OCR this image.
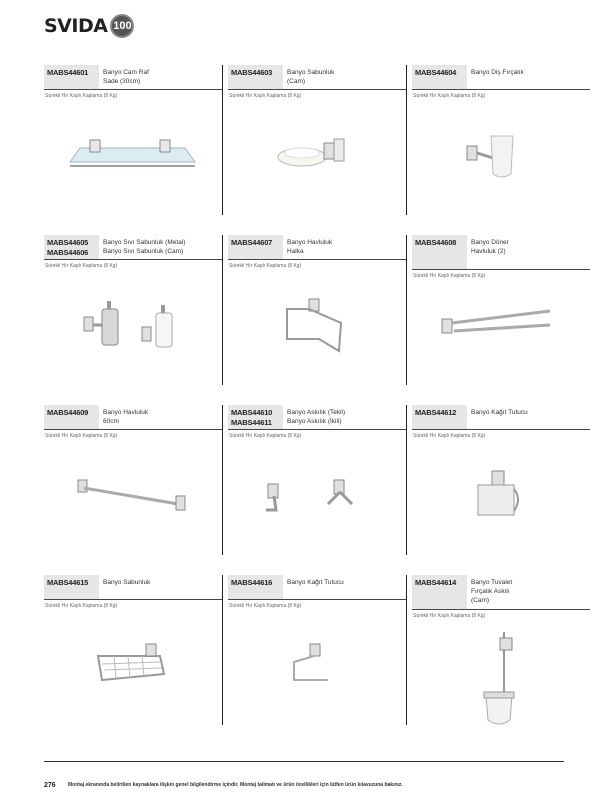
SVIDA 100
MABS44601	Banyo Cam Raf
Sade (30cm)
Sürekli Hır Kaplı Kaplama (8 Kg)
MABS44603	Banyo Sabunluk
(Cam)
Sürekli Hır Kaplı Kaplama (8 Kg)
MABS44604	Banyo Diş Fırçalık
Sürekli Hır Kaplı Kaplama (8 Kg)
MABS44605
MABS44606
Banyo Sıvı Sabunluk (Metal)
Banyo Sıvı Sabunluk (Cam)
Sürekli Hır Kaplı Kaplama (8 Kg)
MABS44607	Banyo Havluluk
Halka
Sürekli Hır Kaplı Kaplama (8 Kg)
MABS44608	Banyo Döner
Havluluk (2)
Sürekli Hır Kaplı Kaplama (8 Kg)
MABS44609	Banyo Havluluk
60cm
Sürekli Hır Kaplı Kaplama (8 Kg)
MABS44610
MABS44611
Banyo Askılık (Tekli)
Banyo Askılık (İkili)
Sürekli Hır Kaplı Kaplama (8 Kg)
MABS44612	Banyo Kağıt Tutucu
Sürekli Hır Kaplı Kaplama (8 Kg)
MABS44615	Banyo Sabunluk
Sürekli Hır Kaplı Kaplama (8 Kg)
MABS44616	Banyo Kağıt Tutucu
Sürekli Hır Kaplı Kaplama (8 Kg)
MABS44614	Banyo Tuvalet
Fırçalık Askılı
(Cam)
Sürekli Hır Kaplı Kaplama (8 Kg)
276 Montaj ekranında belirtilen kaynaklara ilişkin genel bilgilendirme içindir. Montaj talimatı ve ürün özellikleri için lütfen ürün kılavuzuna bakınız.
